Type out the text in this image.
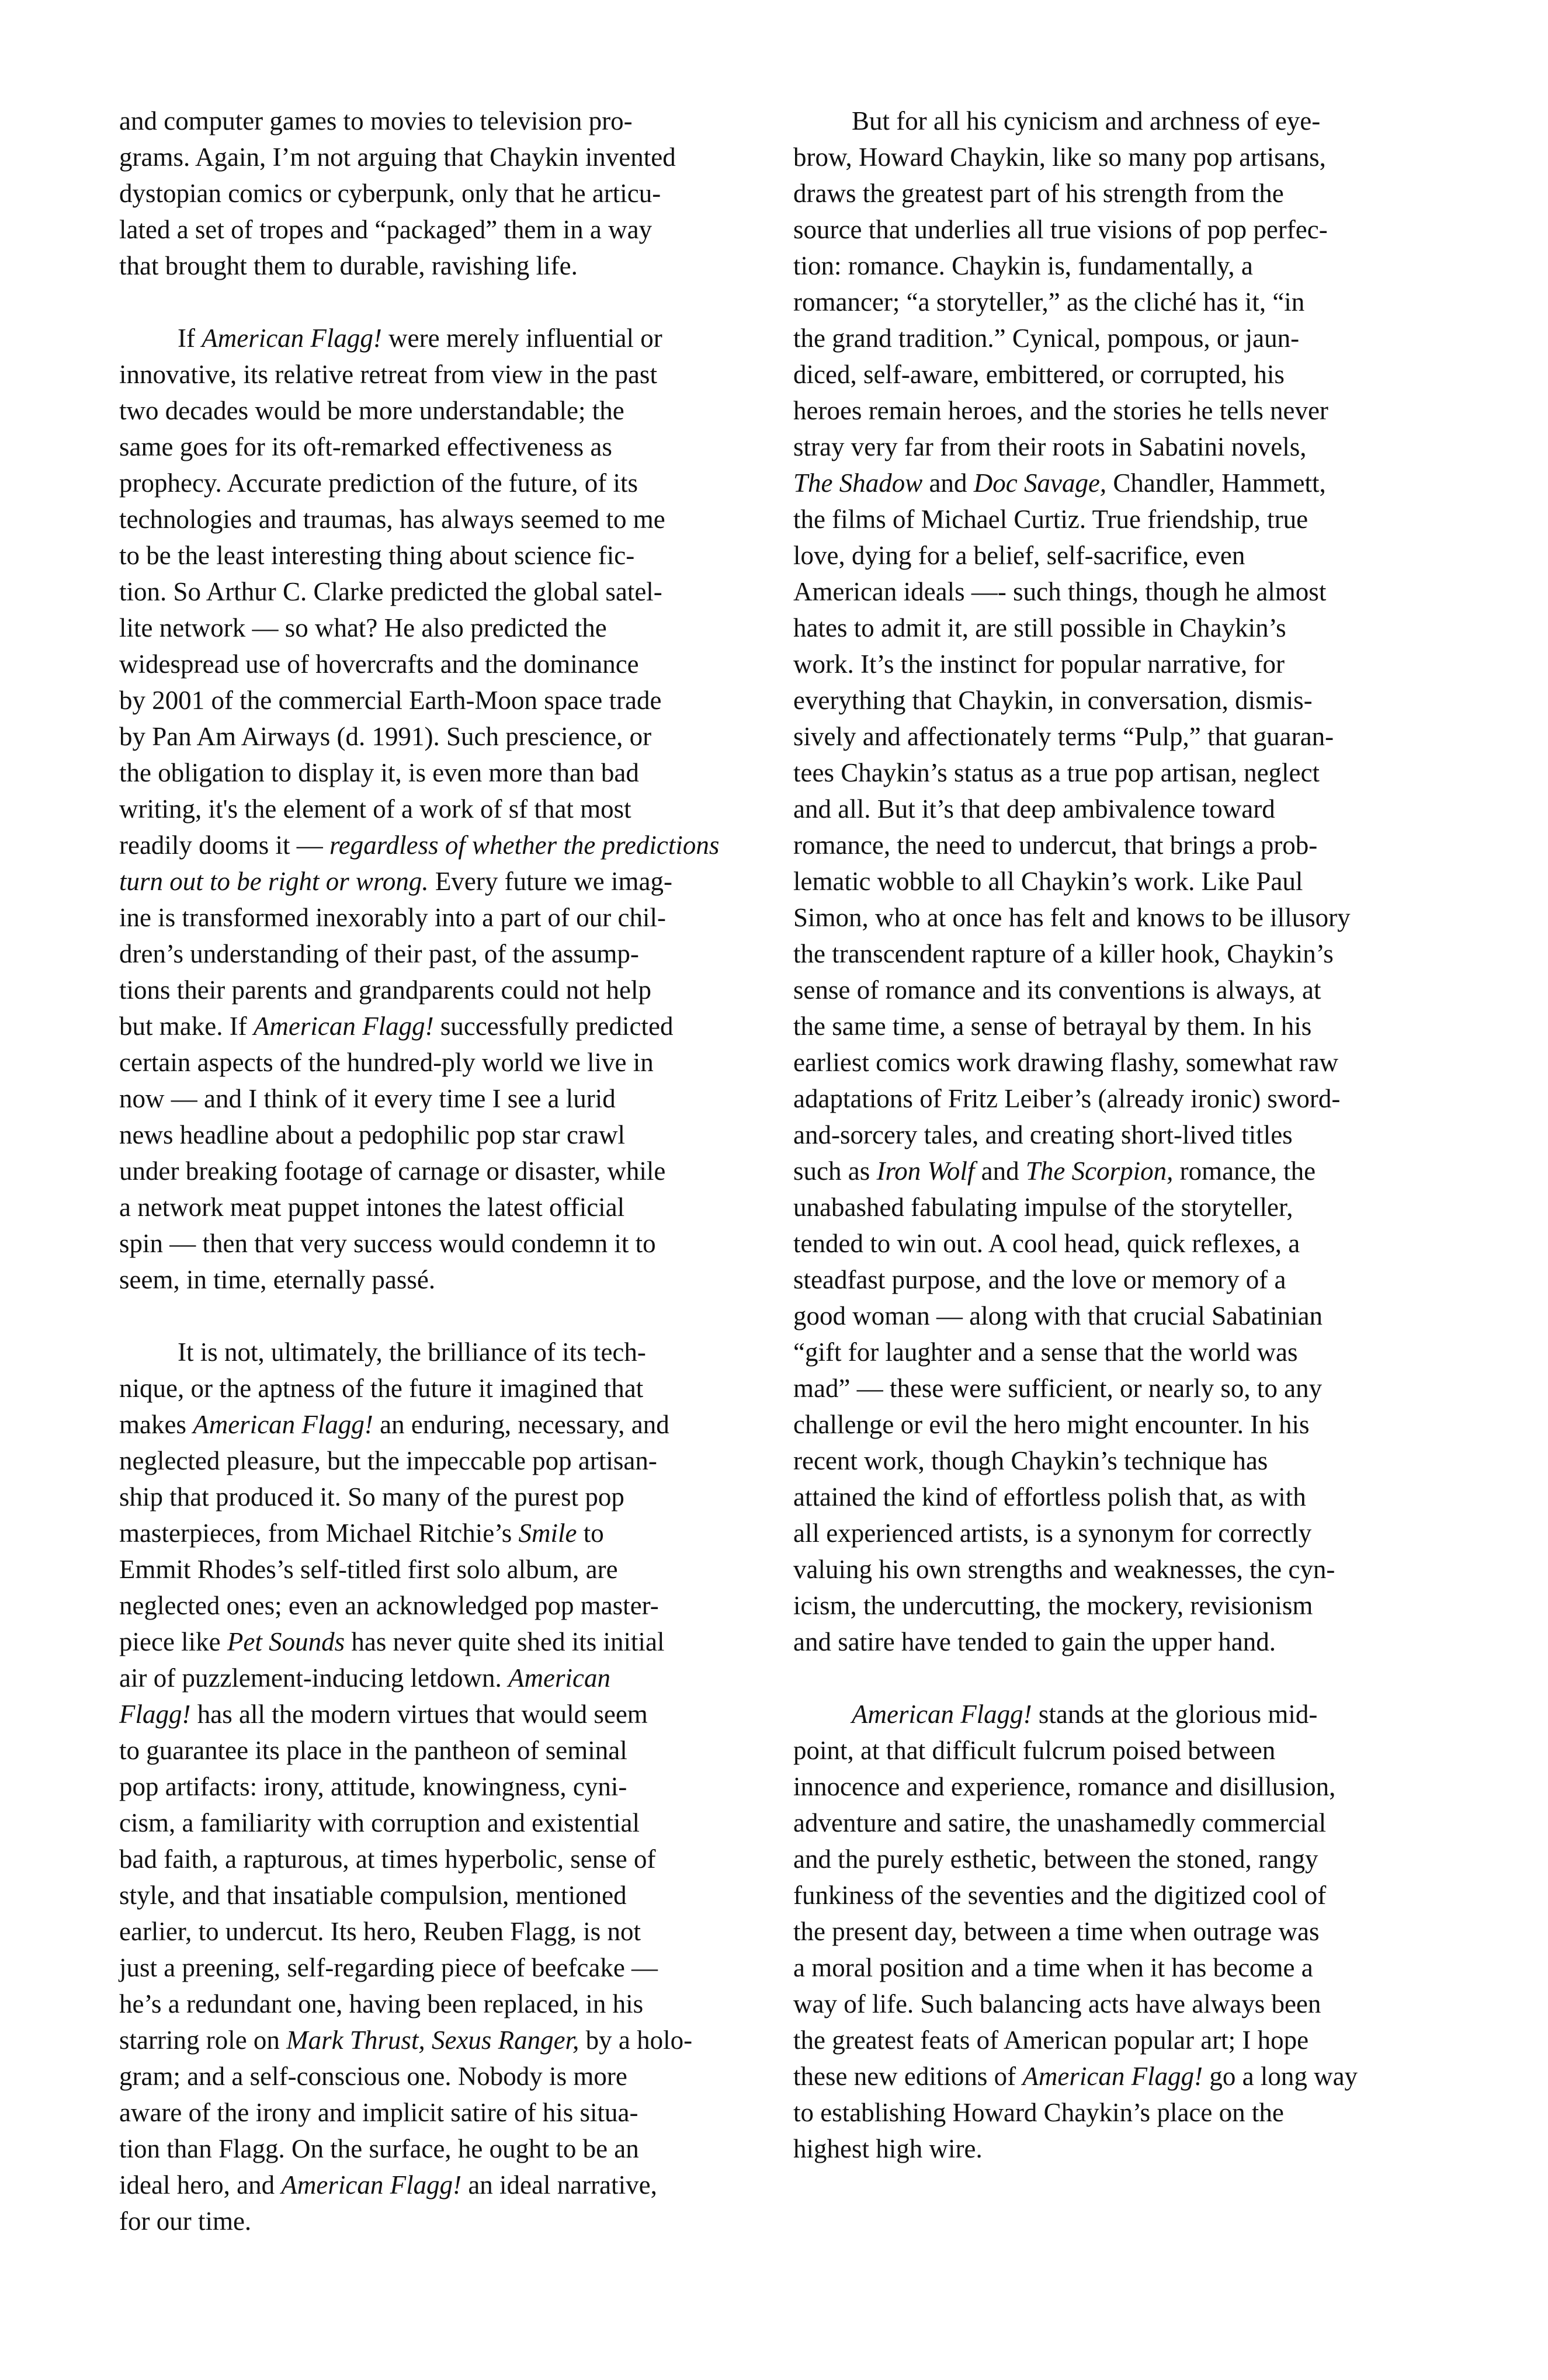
and computer games to movies to television pro-
grams. Again, I’m not arguing that Chaykin invented
dystopian comics or cyberpunk, only that he articu-
lated a set of tropes and “packaged” them in a way
that brought them to durable, ravishing life.
If American Flagg! were merely influential or
innovative, its relative retreat from view in the past
two decades would be more understandable; the
same goes for its oft-remarked effectiveness as
prophecy. Accurate prediction of the future, of its
technologies and traumas, has always seemed to me
to be the least interesting thing about science fic-
tion. So Arthur C. Clarke predicted the global satel-
lite network — so what? He also predicted the
widespread use of hovercrafts and the dominance
by 2001 of the commercial Earth-Moon space trade
by Pan Am Airways (d. 1991). Such prescience, or
the obligation to display it, is even more than bad
writing, it's the element of a work of sf that most
readily dooms it — regardless of whether the predictions
turn out to be right or wrong. Every future we imag-
ine is transformed inexorably into a part of our chil-
dren’s understanding of their past, of the assump-
tions their parents and grandparents could not help
but make. If American Flagg! successfully predicted
certain aspects of the hundred-ply world we live in
now — and I think of it every time I see a lurid
news headline about a pedophilic pop star crawl
under breaking footage of carnage or disaster, while
a network meat puppet intones the latest official
spin — then that very success would condemn it to
seem, in time, eternally passé.
It is not, ultimately, the brilliance of its tech-
nique, or the aptness of the future it imagined that
makes American Flagg! an enduring, necessary, and
neglected pleasure, but the impeccable pop artisan-
ship that produced it. So many of the purest pop
masterpieces, from Michael Ritchie’s Smile to
Emmit Rhodes’s self-titled first solo album, are
neglected ones; even an acknowledged pop master-
piece like Pet Sounds has never quite shed its initial
air of puzzlement-inducing letdown. American
Flagg! has all the modern virtues that would seem
to guarantee its place in the pantheon of seminal
pop artifacts: irony, attitude, knowingness, cyni-
cism, a familiarity with corruption and existential
bad faith, a rapturous, at times hyperbolic, sense of
style, and that insatiable compulsion, mentioned
earlier, to undercut. Its hero, Reuben Flagg, is not
just a preening, self-regarding piece of beefcake —
he’s a redundant one, having been replaced, in his
starring role on Mark Thrust, Sexus Ranger, by a holo-
gram; and a self-conscious one. Nobody is more
aware of the irony and implicit satire of his situa-
tion than Flagg. On the surface, he ought to be an
ideal hero, and American Flagg! an ideal narrative,
for our time.
But for all his cynicism and archness of eye-
brow, Howard Chaykin, like so many pop artisans,
draws the greatest part of his strength from the
source that underlies all true visions of pop perfec-
tion: romance. Chaykin is, fundamentally, a
romancer; “a storyteller,” as the cliché has it, “in
the grand tradition.” Cynical, pompous, or jaun-
diced, self-aware, embittered, or corrupted, his
heroes remain heroes, and the stories he tells never
stray very far from their roots in Sabatini novels,
The Shadow and Doc Savage, Chandler, Hammett,
the films of Michael Curtiz. True friendship, true
love, dying for a belief, self-sacrifice, even
American ideals —- such things, though he almost
hates to admit it, are still possible in Chaykin’s
work. It’s the instinct for popular narrative, for
everything that Chaykin, in conversation, dismis-
sively and affectionately terms “Pulp,” that guaran-
tees Chaykin’s status as a true pop artisan, neglect
and all. But it’s that deep ambivalence toward
romance, the need to undercut, that brings a prob-
lematic wobble to all Chaykin’s work. Like Paul
Simon, who at once has felt and knows to be illusory
the transcendent rapture of a killer hook, Chaykin’s
sense of romance and its conventions is always, at
the same time, a sense of betrayal by them. In his
earliest comics work drawing flashy, somewhat raw
adaptations of Fritz Leiber’s (already ironic) sword-
and-sorcery tales, and creating short-lived titles
such as Iron Wolf and The Scorpion, romance, the
unabashed fabulating impulse of the storyteller,
tended to win out. A cool head, quick reflexes, a
steadfast purpose, and the love or memory of a
good woman — along with that crucial Sabatinian
“gift for laughter and a sense that the world was
mad” — these were sufficient, or nearly so, to any
challenge or evil the hero might encounter. In his
recent work, though Chaykin’s technique has
attained the kind of effortless polish that, as with
all experienced artists, is a synonym for correctly
valuing his own strengths and weaknesses, the cyn-
icism, the undercutting, the mockery, revisionism
and satire have tended to gain the upper hand.
American Flagg! stands at the glorious mid-
point, at that difficult fulcrum poised between
innocence and experience, romance and disillusion,
adventure and satire, the unashamedly commercial
and the purely esthetic, between the stoned, rangy
funkiness of the seventies and the digitized cool of
the present day, between a time when outrage was
a moral position and a time when it has become a
way of life. Such balancing acts have always been
the greatest feats of American popular art; I hope
these new editions of American Flagg! go a long way
to establishing Howard Chaykin’s place on the
highest high wire.
